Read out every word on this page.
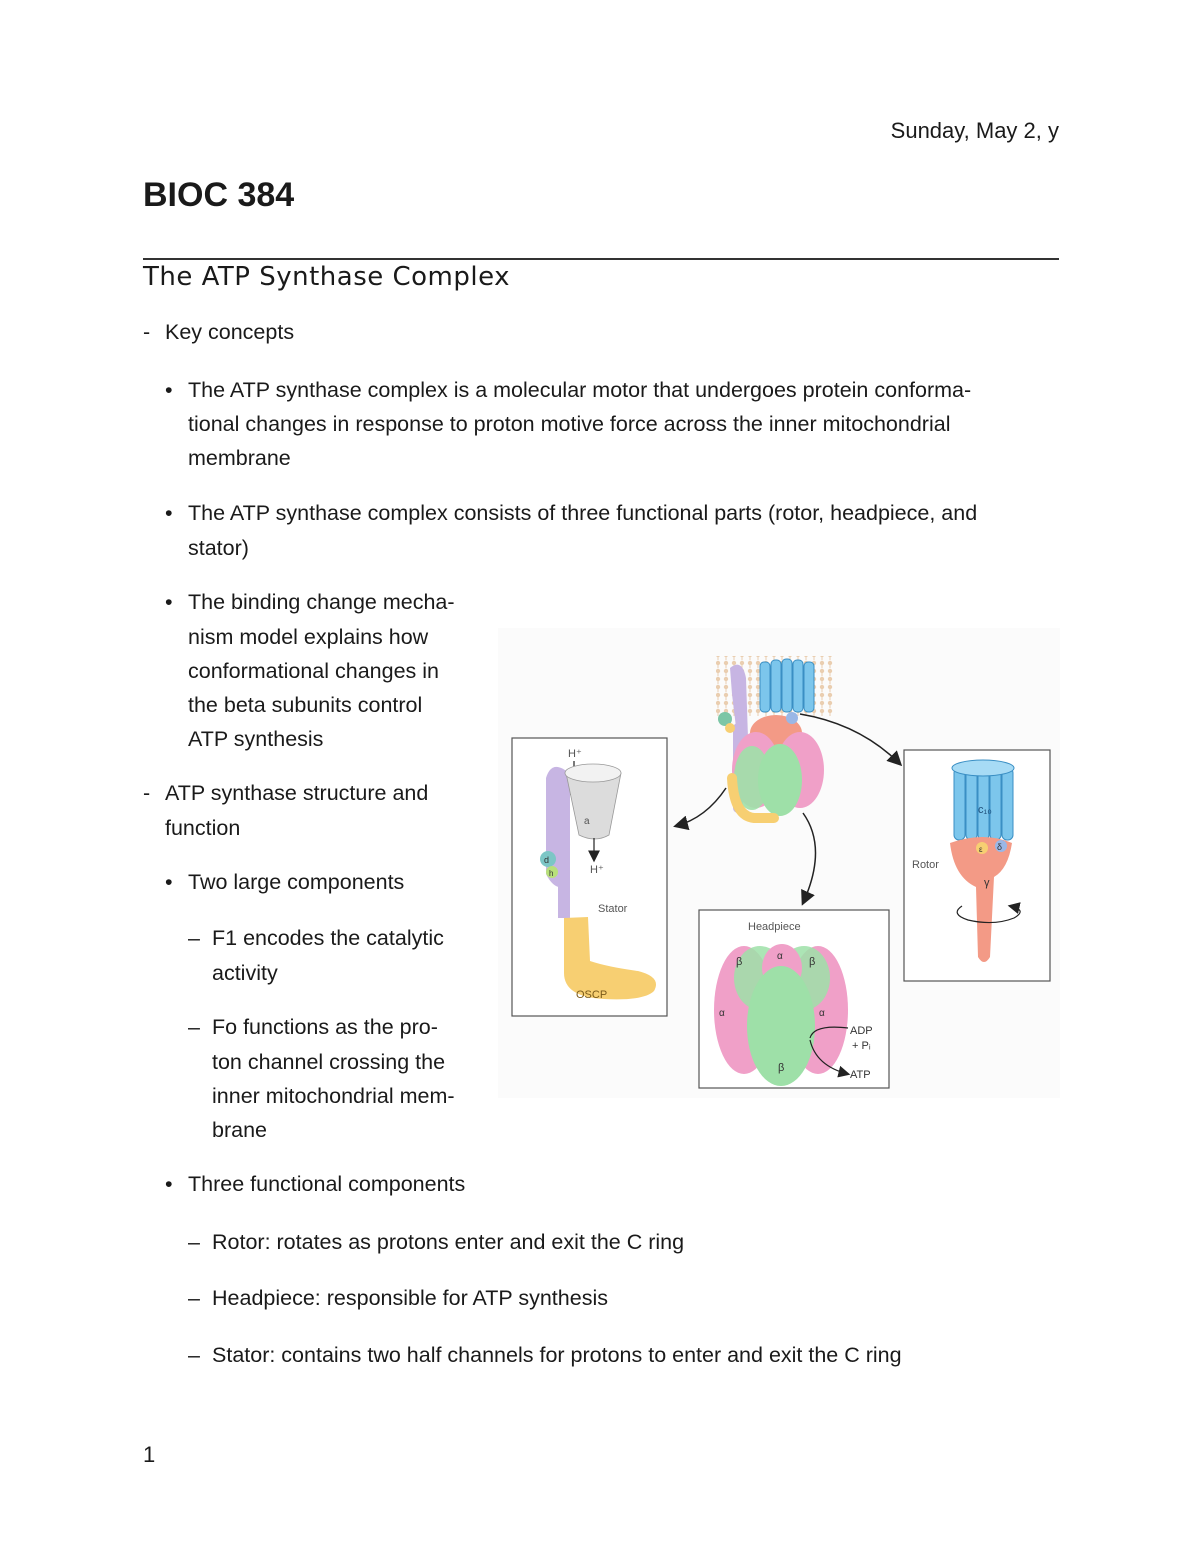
Sunday, May 2, y
BIOC 384
The ATP Synthase Complex
- Key concepts
• The ATP synthase complex is a molecular motor that undergoes protein conforma-
tional changes in response to proton motive force across the inner mitochondrial
membrane
• The ATP synthase complex consists of three functional parts (rotor, headpiece, and
stator)
• The binding change mecha-
nism model explains how
conformational changes in
the beta subunits control
ATP synthesis
- ATP synthase structure and
function
• Two large components
– F1 encodes the catalytic
activity
– Fo functions as the pro-
ton channel crossing the
inner mitochondrial mem-
brane
• Three functional components
– Rotor: rotates as protons enter and exit the C ring
– Headpiece: responsible for ATP synthesis
– Stator: contains two half channels for protons to enter and exit the C ring
H⁺
a
H⁺
d
h
Stator
OSCP
Headpiece
β	α β
α	α
β
ADP
+ Pᵢ
ATP
c₁₀
Rotor
ε δ
γ
1
